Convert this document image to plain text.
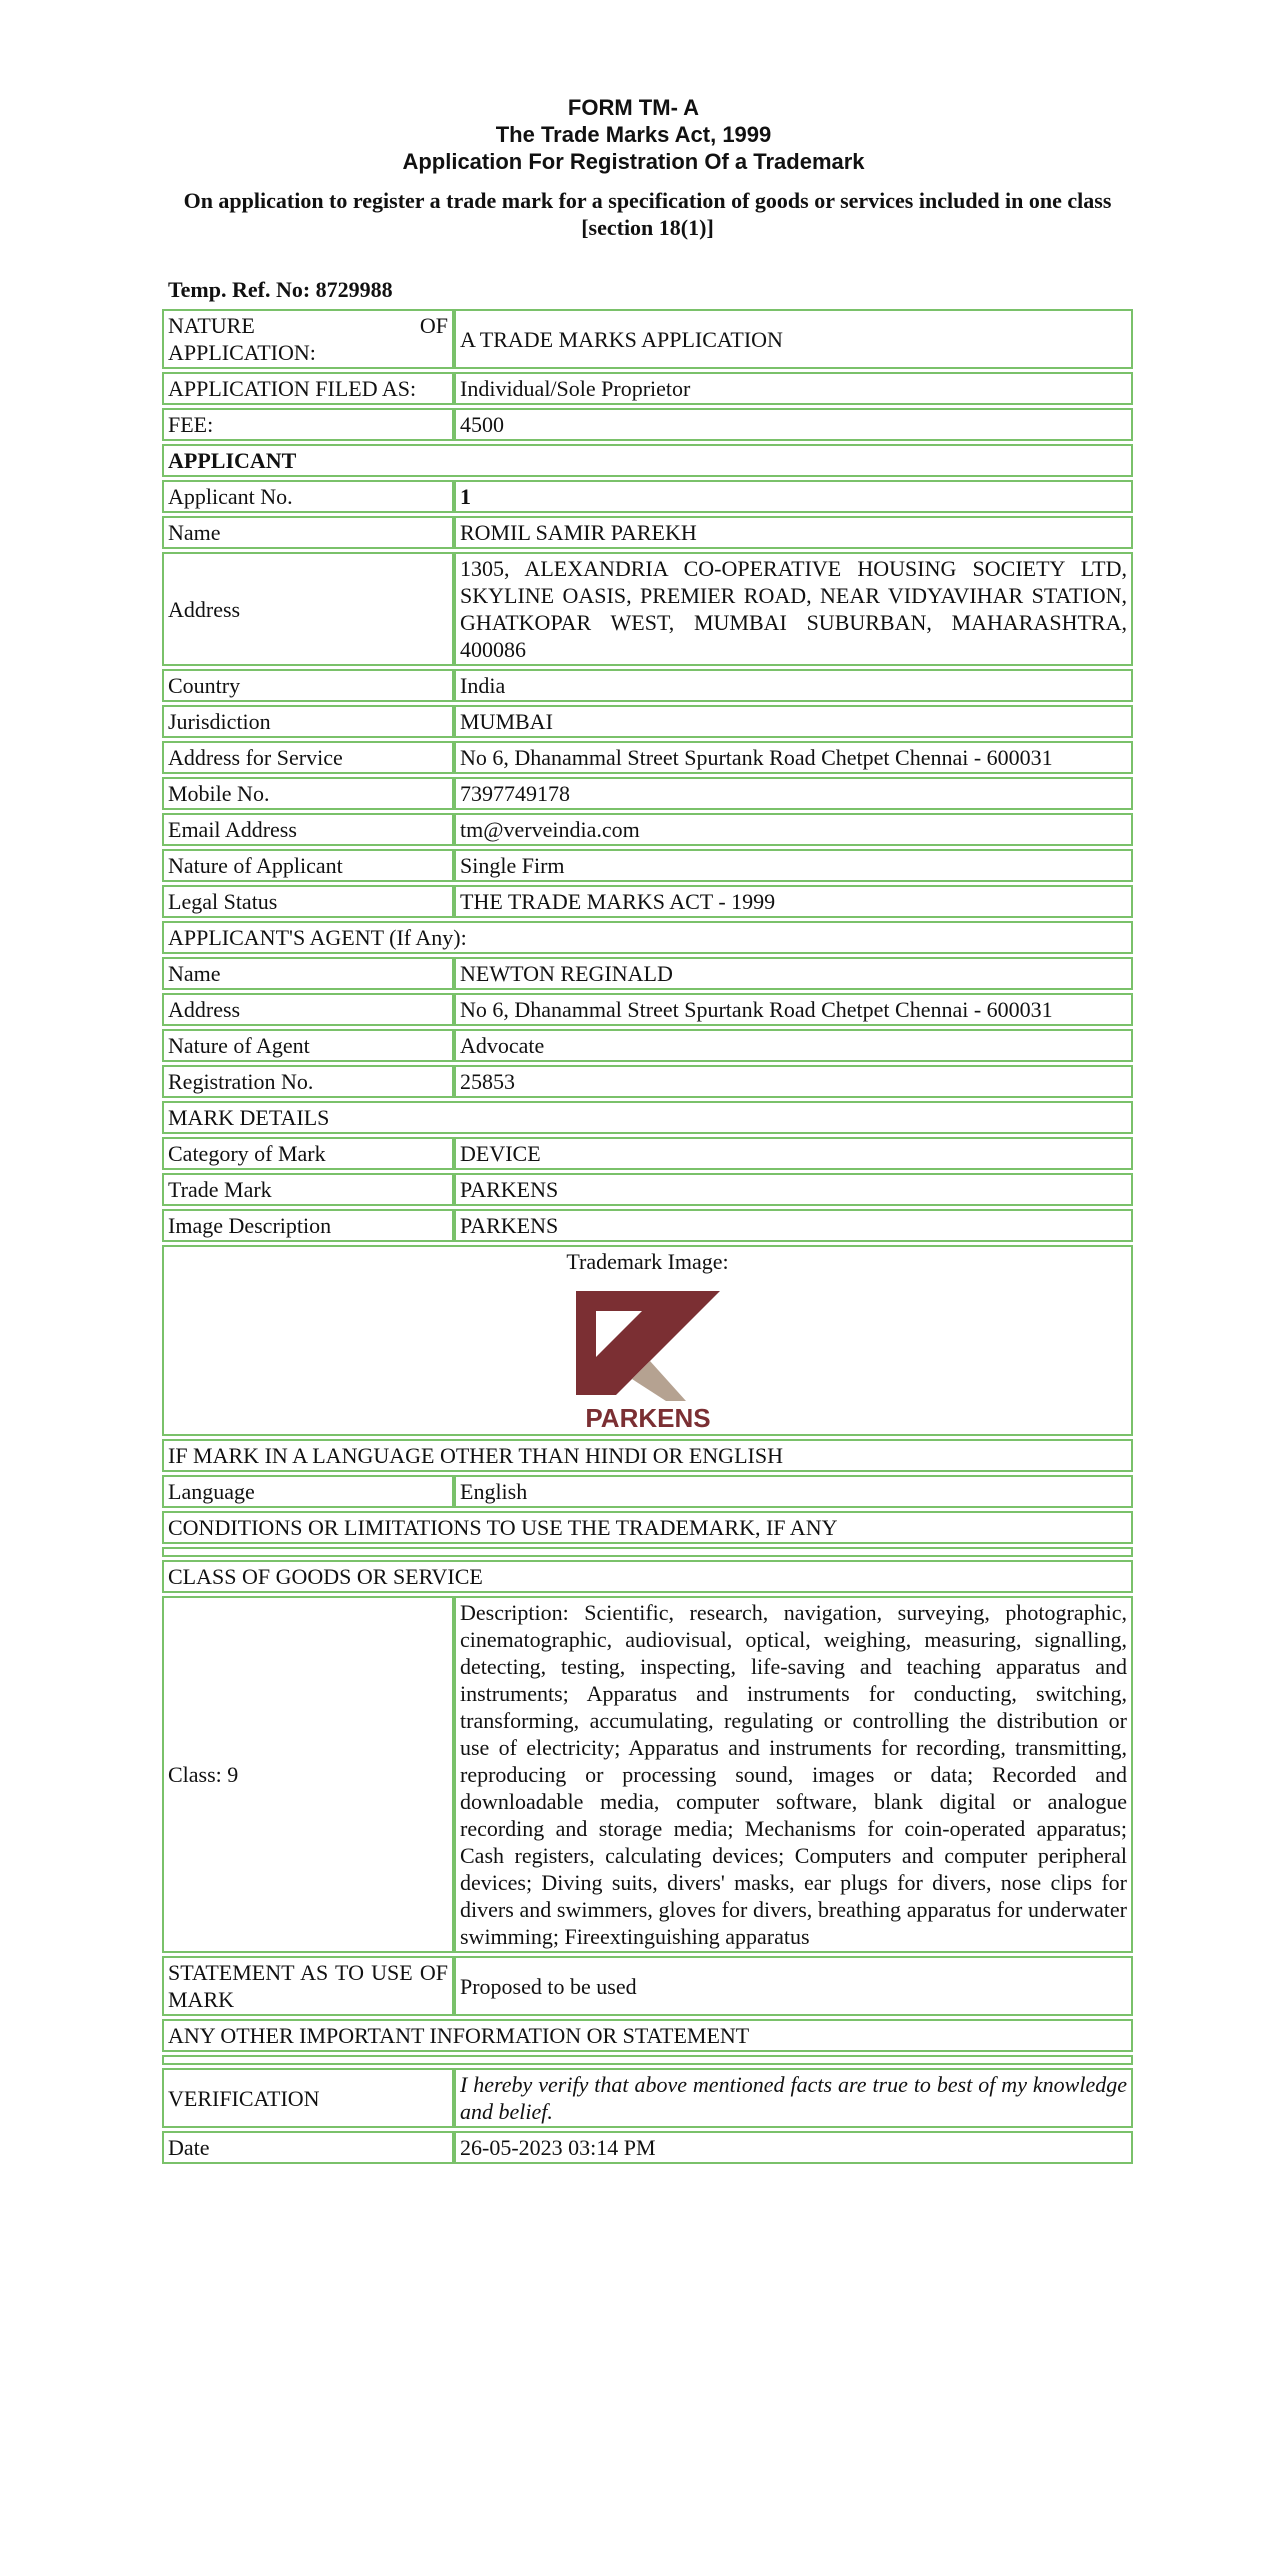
FORM TM- A
The Trade Marks Act, 1999
Application For Registration Of a Trademark
On application to register a trade mark for a specification of goods or services included in one class [section 18(1)]
Temp. Ref. No: 8729988
NATURE OF
APPLICATION:	A TRADE MARKS APPLICATION
APPLICATION FILED AS:	Individual/Sole Proprietor
FEE:	4500
APPLICANT	
Applicant No.	1
Name	ROMIL SAMIR PAREKH
Address	1305, ALEXANDRIA CO-OPERATIVE HOUSING SOCIETY LTD, SKYLINE OASIS, PREMIER ROAD, NEAR VIDYAVIHAR STATION, GHATKOPAR WEST, MUMBAI SUBURBAN, MAHARASHTRA, 400086
Country	India
Jurisdiction	MUMBAI
Address for Service	No 6, Dhanammal Street Spurtank Road Chetpet Chennai - 600031
Mobile No.	7397749178
Email Address	tm@verveindia.com
Nature of Applicant	Single Firm
Legal Status	THE TRADE MARKS ACT - 1999
APPLICANT'S AGENT (If Any):	
Name	NEWTON REGINALD
Address	No 6, Dhanammal Street Spurtank Road Chetpet Chennai - 600031
Nature of Agent	Advocate
Registration No.	25853
MARK DETAILS	
Category of Mark	DEVICE
Trade Mark	PARKENS
Image Description	PARKENS

Trademark Image:
PARKENS	

IF MARK IN A LANGUAGE OTHER THAN HINDI OR ENGLISH	
Language	English
CONDITIONS OR LIMITATIONS TO USE THE TRADEMARK, IF ANY	

CLASS OF GOODS OR SERVICE	
Class: 9	Description: Scientific, research, navigation, surveying, photographic, cinematographic, audiovisual, optical, weighing, measuring, signalling, detecting, testing, inspecting, life-saving and teaching apparatus and instruments; Apparatus and instruments for conducting, switching, transforming, accumulating, regulating or controlling the distribution or use of electricity; Apparatus and instruments for recording, transmitting, reproducing or processing sound, images or data; Recorded and downloadable media, computer software, blank digital or analogue recording and storage media; Mechanisms for coin-operated apparatus; Cash registers, calculating devices; Computers and computer peripheral devices; Diving suits, divers' masks, ear plugs for divers, nose clips for divers and swimmers, gloves for divers, breathing apparatus for underwater swimming; Fireextinguishing apparatus
STATEMENT AS TO USE OF MARK	Proposed to be used
ANY OTHER IMPORTANT INFORMATION OR STATEMENT	

VERIFICATION	I hereby verify that above mentioned facts are true to best of my knowledge and belief.
Date	26-05-2023 03:14 PM
